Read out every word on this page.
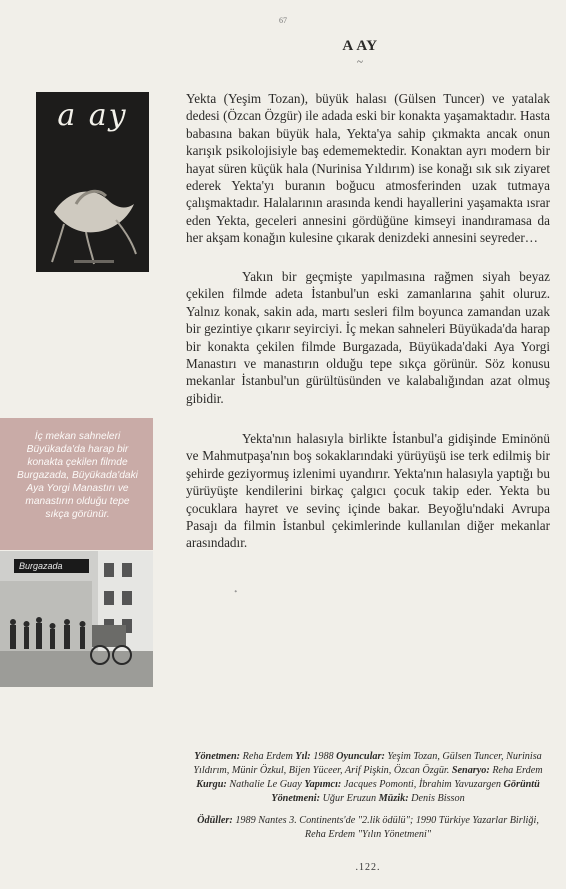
67
A AY
~
a ay	Yekta (Yeşim Tozan), büyük halası (Gülsen Tuncer) ve yatalak dedesi (Özcan Özgür) ile adada eski bir konakta yaşamaktadır. Hasta babasına bakan büyük hala, Yekta'ya sahip çıkmakta ancak onun karışık psikolojisiyle baş edememektedir. Konaktan ayrı modern bir hayat süren küçük hala (Nurinisa Yıldırım) ise konağı sık sık ziyaret ederek Yekta'yı buranın boğucu atmosferinden uzak tutmaya çalışmaktadır. Halalarının arasında kendi hayallerini yaşamakta ısrar eden Yekta, geceleri annesini gördüğüne kimseyi inandıramasa da her akşam konağın kulesine çıkarak denizdeki annesini seyreder…

Yakın bir geçmişte yapılmasına rağmen siyah beyaz çekilen filmde adeta İstanbul'un eski zamanlarına şahit oluruz. Yalnız konak, sakin ada, martı sesleri film boyunca zamandan uzak bir gezintiye çıkarır seyirciyi. İç mekan sahneleri Büyükada'da harap bir konakta çekilen filmde Burgazada, Büyükada'daki Aya Yorgi Manastırı ve manastırın olduğu tepe sıkça görünür. Söz konusu mekanlar İstanbul'un gürültüsünden ve kalabalığından azat olmuş gibidir.

Yekta'nın halasıyla birlikte İstanbul'a gidişinde Eminönü ve Mahmutpaşa'nın boş sokaklarındaki yürüyüşü ise terk edilmiş bir şehirde geziyormuş izlenimi uyandırır. Yekta'nın halasıyla yaptığı bu yürüyüşte kendilerini birkaç çalgıcı çocuk takip eder. Yekta bu çocuklara hayret ve sevinç içinde bakar. Beyoğlu'ndaki Avrupa Pasajı da filmin İstanbul çekimlerinde kullanılan diğer mekanlar arasındadır.

İç mekan sahneleri Büyükada'da harap bir konakta çekilen filmde Burgazada, Büyükada'daki Aya Yorgi Manastırı ve manastırın olduğu tepe sıkça görünür.
Burgazada
ᐩ
Yönetmen: Reha Erdem Yıl: 1988 Oyuncular: Yeşim Tozan, Gülsen Tuncer, Nurinisa Yıldırım, Münir Özkul, Bijen Yüceer, Arif Pişkin, Özcan Özgür. Senaryo: Reha Erdem Kurgu: Nathalie Le Guay Yapımcı: Jacques Pomonti, İbrahim Yavuzargen Görüntü Yönetmeni: Uğur Eruzun Müzik: Denis Bisson
Ödüller: 1989 Nantes 3. Continents'de "2.lik ödülü"; 1990 Türkiye Yazarlar Birliği, Reha Erdem "Yılın Yönetmeni"
.122.
